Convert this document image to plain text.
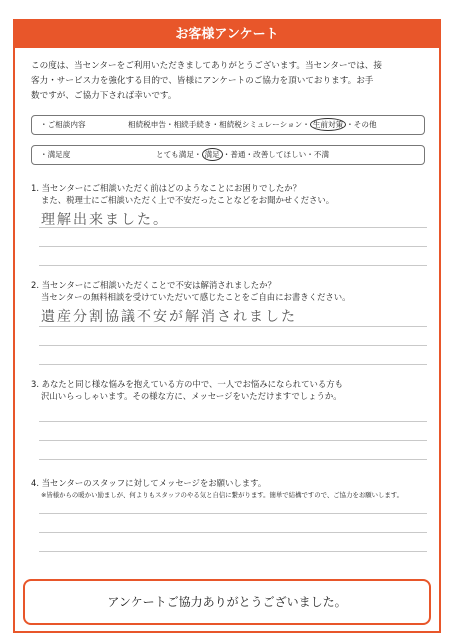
お客様アンケート
この度は、当センターをご利用いただきましてありがとうございます。当センターでは、接
客力・サービス力を強化する目的で、皆様にアンケートのご協力を頂いております。お手
数ですが、ご協力下されば幸いです。
・ご相談内容	相続税申告・相続手続き・相続税シミュレーション・ 生前対策 ・その他
・満足度	とても満足・ 満足 ・普通・改善してほしい・不満
1. 当センターにご相談いただく前はどのようなことにお困りでしたか？
また、税理士にご相談いただく上で不安だったことなどをお聞かせください。
理解出来ました。
2. 当センターにご相談いただくことで不安は解消されましたか？
当センターの無料相談を受けていただいて感じたことをご自由にお書きください。
遺産分割協議不安が解消されました
3. あなたと同じ様な悩みを抱えている方の中で、一人でお悩みになられている方も
沢山いらっしゃいます。その様な方に、メッセージをいただけますでしょうか。
4. 当センターのスタッフに対してメッセージをお願いします。
※皆様からの暖かい励ましが、何よりもスタッフのやる気と自信に繋がります。簡単で結構ですので、ご協力をお願いします。
アンケートご協力ありがとうございました。
